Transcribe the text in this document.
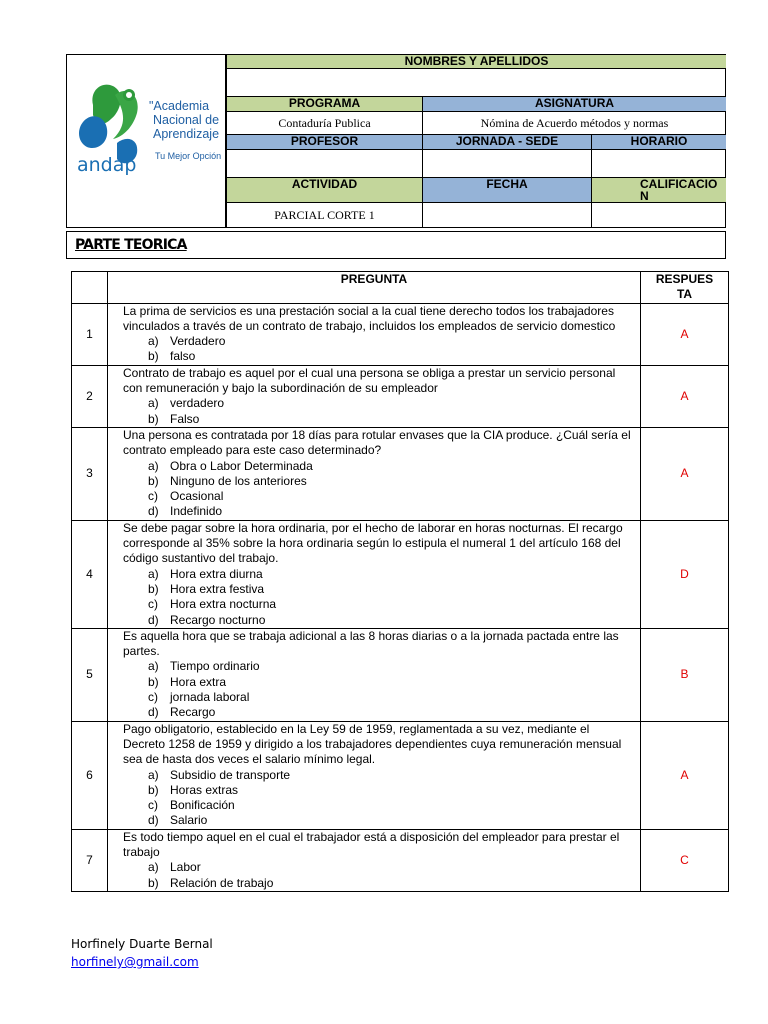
"Academia
Nacional de
Aprendizaje
Tu Mejor Opción
andap
NOMBRES Y APELLIDOS
PROGRAMA	ASIGNATURA
Contaduría Publica	Nómina de Acuerdo métodos y normas
PROFESOR	JORNADA - SEDE	HORARIO
ACTIVIDAD	FECHA	CALIFICACIO N
PARCIAL CORTE 1
PARTE TEORICA
	PREGUNTA	RESPUES TA
1	La prima de servicios es una prestación social a la cual tiene derecho todos los trabajadores vinculados a través de un contrato de trabajo, incluidos los empleados de servicio domestico
a) Verdadero
b) falso	A
2	Contrato de trabajo es aquel por el cual una persona se obliga a prestar un servicio personal con remuneración y bajo la subordinación de su empleador
a) verdadero
b) Falso	A
3	Una persona es contratada por 18 días para rotular envases que la CIA produce. ¿Cuál sería el contrato empleado para este caso determinado?
a) Obra o Labor Determinada
b) Ninguno de los anteriores
c) Ocasional
d) Indefinido	A
4	Se debe pagar sobre la hora ordinaria, por el hecho de laborar en horas nocturnas. El recargo corresponde al 35% sobre la hora ordinaria según lo estipula el numeral 1 del artículo 168 del código sustantivo del trabajo.
a) Hora extra diurna
b) Hora extra festiva
c) Hora extra nocturna
d) Recargo nocturno	D
5	Es aquella hora que se trabaja adicional a las 8 horas diarias o a la jornada pactada entre las partes.
a) Tiempo ordinario
b) Hora extra
c) jornada laboral
d) Recargo	B
6	Pago obligatorio, establecido en la Ley 59 de 1959, reglamentada a su vez, mediante el Decreto 1258 de 1959 y dirigido a los trabajadores dependientes cuya remuneración mensual sea de hasta dos veces el salario mínimo legal.
a) Subsidio de transporte
b) Horas extras
c) Bonificación
d) Salario	A
7	Es todo tiempo aquel en el cual el trabajador está a disposición del empleador para prestar el trabajo
a) Labor
b) Relación de trabajo	C
Horfinely Duarte Bernal
horfinely@gmail.com
